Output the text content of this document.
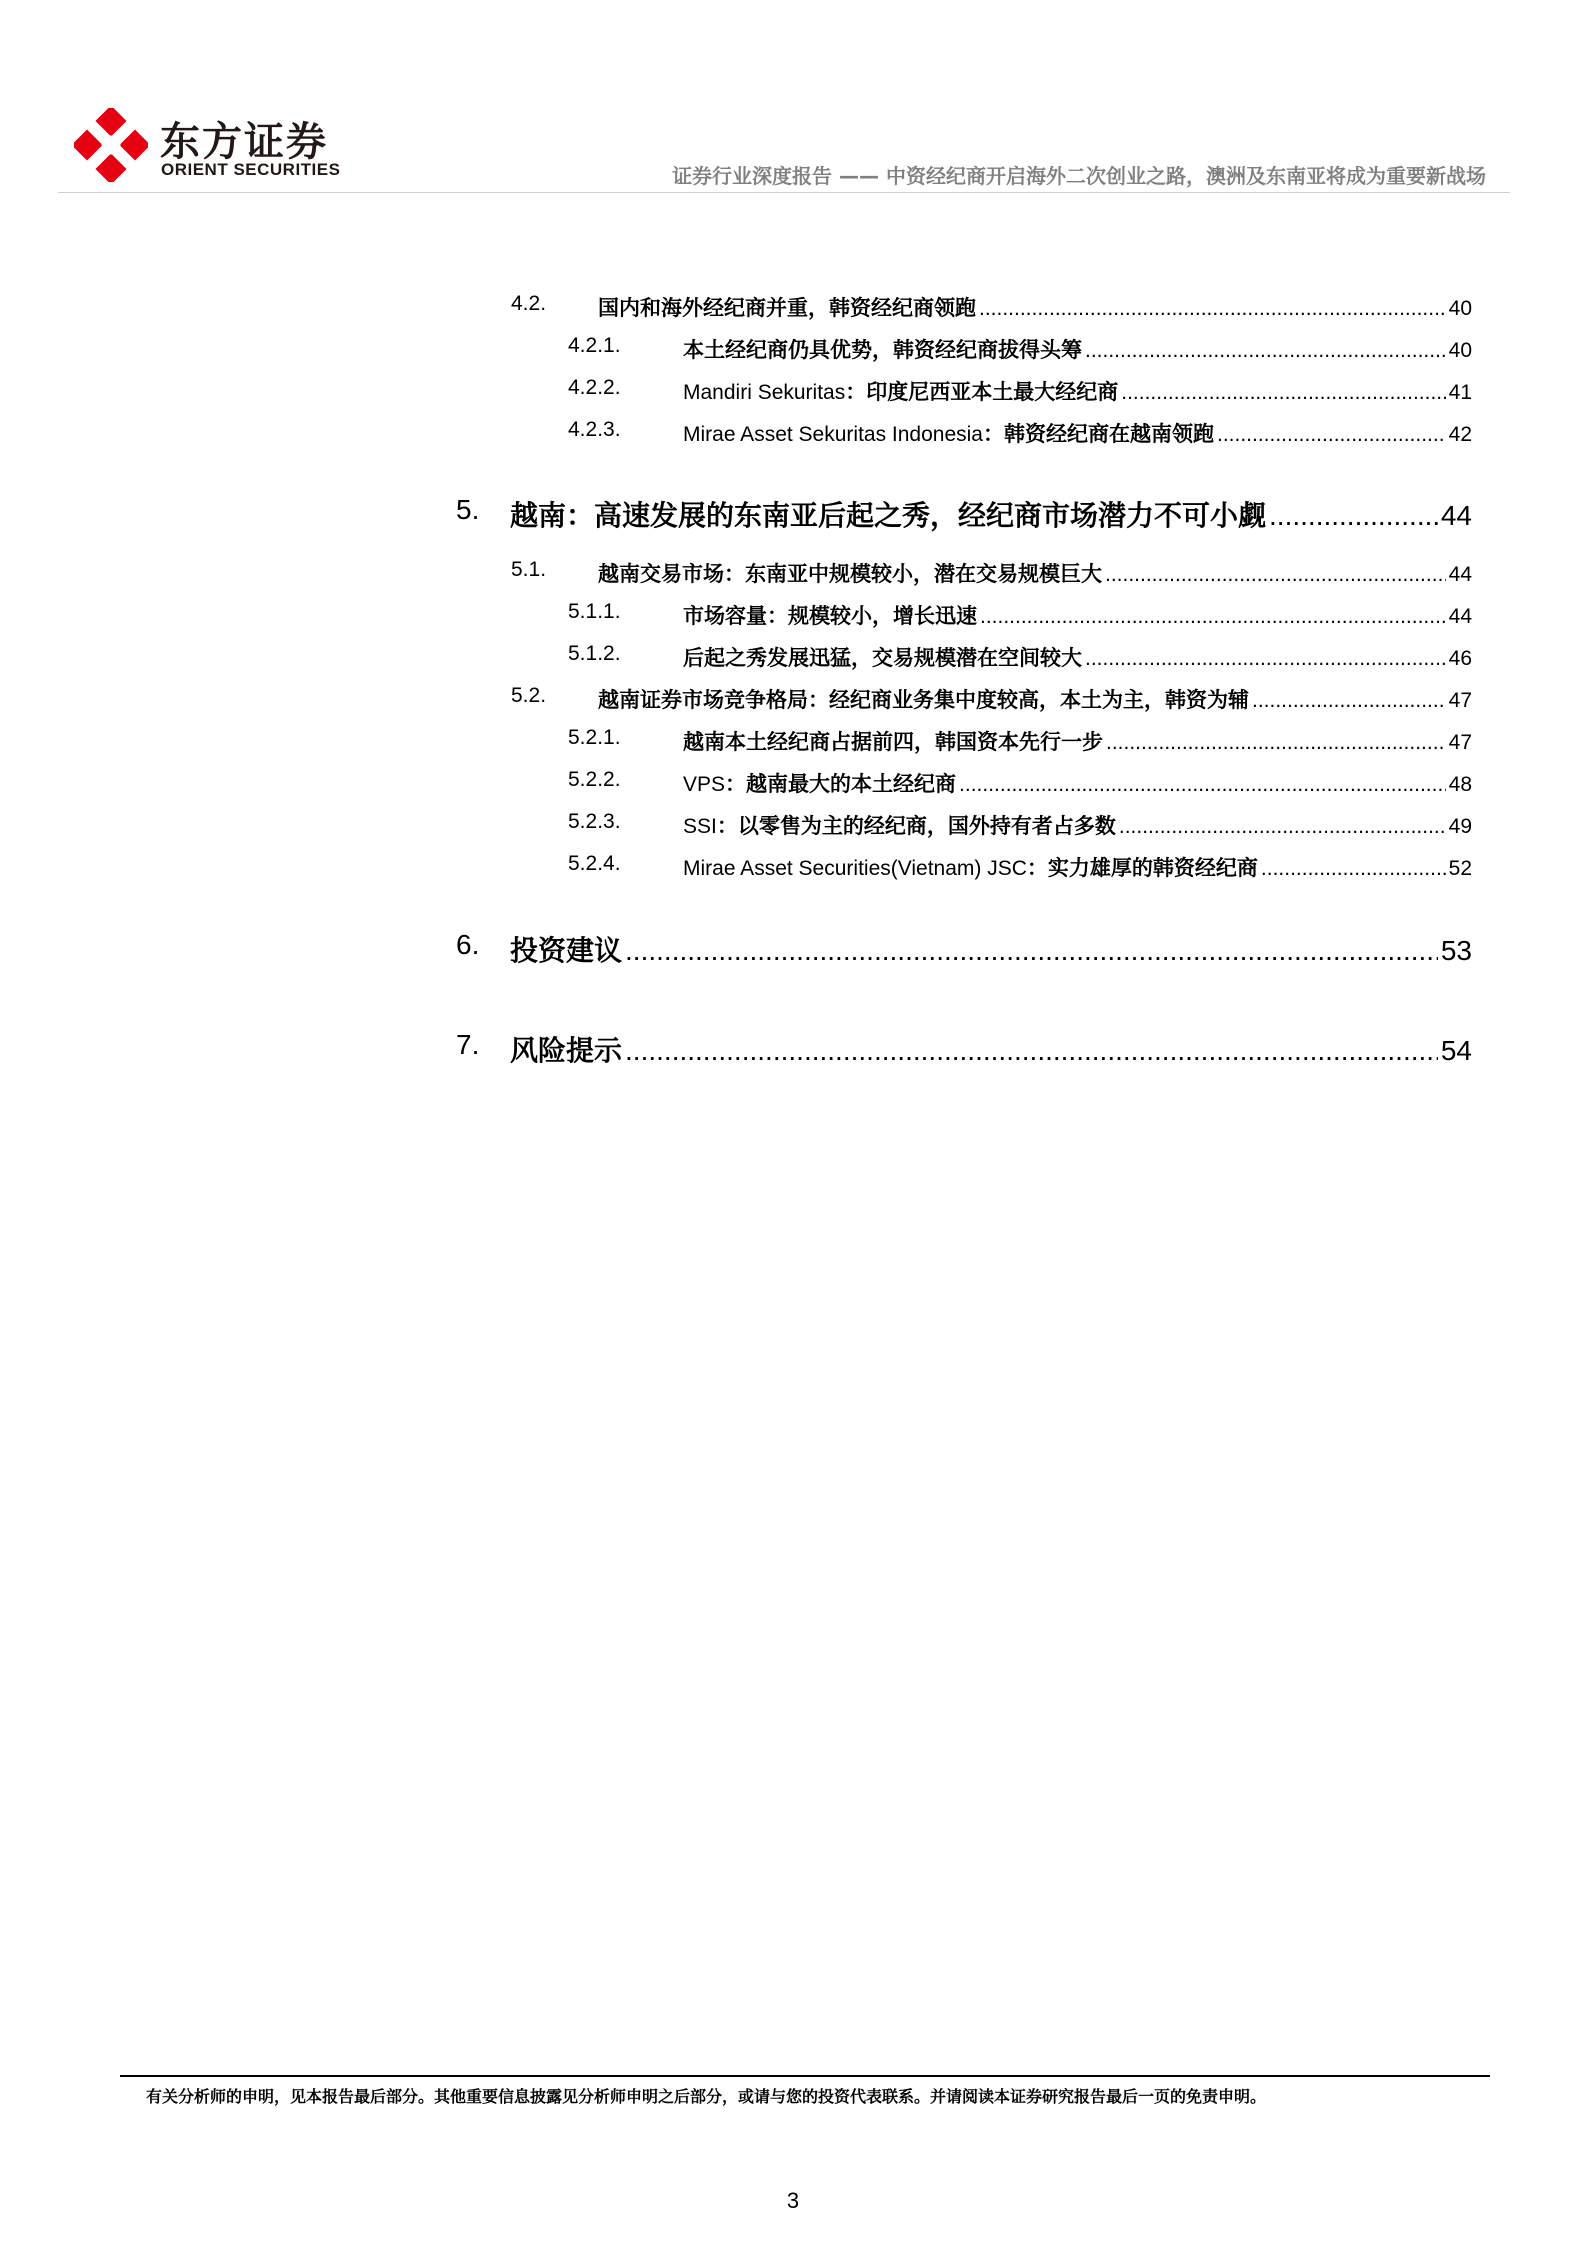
东方证券
ORIENT SECURITIES	证券行业深度报告 —— 中资经纪商开启海外二次创业之路，澳洲及东南亚将成为重要新战场
4.2. 国内和海外经纪商并重，韩资经纪商领跑 .....	40
4.2.1.	本土经纪商仍具优势，韩资经纪商拔得头筹 .....	40
4.2.2.	Mandiri Sekuritas：印度尼西亚本土最大经纪商 .....	41
4.2.3.	Mirae Asset Sekuritas Indonesia：韩资经纪商在越南领跑 .....	42
5. 越南：高速发展的东南亚后起之秀，经纪商市场潜力不可小觑 .....	44
5.1. 越南交易市场：东南亚中规模较小，潜在交易规模巨大 .....	44
5.1.1.	市场容量：规模较小，增长迅速 .....	44
5.1.2.	后起之秀发展迅猛，交易规模潜在空间较大 .....	46
5.2. 越南证券市场竞争格局：经纪商业务集中度较高，本土为主，韩资为辅 .....	47
5.2.1.	越南本土经纪商占据前四，韩国资本先行一步 .....	47
5.2.2.	VPS：越南最大的本土经纪商 .....	48
5.2.3.	SSI：以零售为主的经纪商，国外持有者占多数 .....	49
5.2.4.	Mirae Asset Securities(Vietnam) JSC：实力雄厚的韩资经纪商 .....	52
6. 投资建议 .....	53
7. 风险提示 .....	54
有关分析师的申明，见本报告最后部分。其他重要信息披露见分析师申明之后部分，或请与您的投资代表联系。并请阅读本证券研究报告最后一页的免责申明。
3
